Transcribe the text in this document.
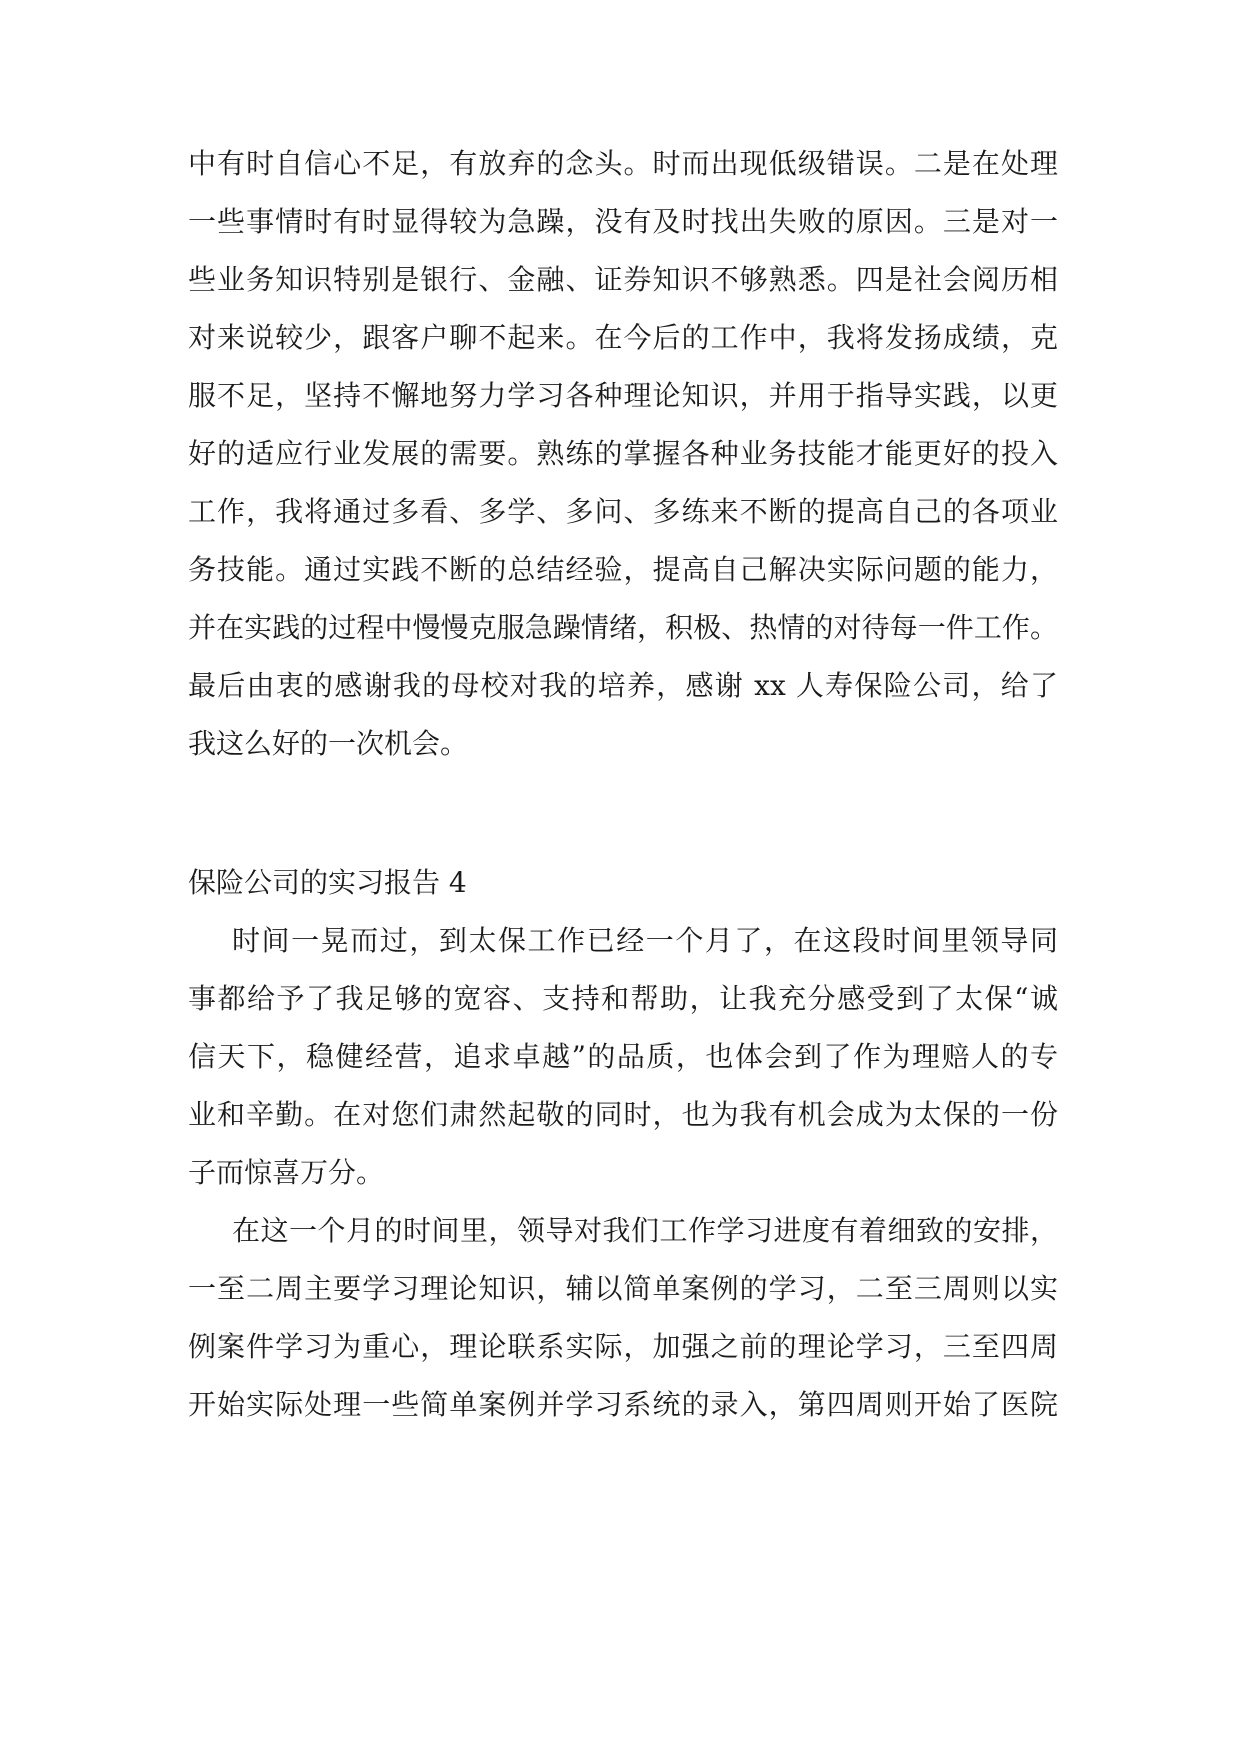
中有时自信心不足，有放弃的念头。时而出现低级错误。二是在处理
一些事情时有时显得较为急躁，没有及时找出失败的原因。三是对一
些业务知识特别是银行、金融、证券知识不够熟悉。四是社会阅历相
对来说较少，跟客户聊不起来。在今后的工作中，我将发扬成绩，克
服不足，坚持不懈地努力学习各种理论知识，并用于指导实践，以更
好的适应行业发展的需要。熟练的掌握各种业务技能才能更好的投入
工作，我将通过多看、多学、多问、多练来不断的提高自己的各项业
务技能。通过实践不断的总结经验，提高自己解决实际问题的能力，
并在实践的过程中慢慢克服急躁情绪，积极、热情的对待每一件工作。
最后由衷的感谢我的母校对我的培养，感谢 xx 人寿保险公司，给了
我这么好的一次机会。
保险公司的实习报告 4
时间一晃而过，到太保工作已经一个月了，在这段时间里领导同
事都给予了我足够的宽容、支持和帮助，让我充分感受到了太保“诚
信天下，稳健经营，追求卓越”的品质，也体会到了作为理赔人的专
业和辛勤。在对您们肃然起敬的同时，也为我有机会成为太保的一份
子而惊喜万分。
在这一个月的时间里，领导对我们工作学习进度有着细致的安排，
一至二周主要学习理论知识，辅以简单案例的学习，二至三周则以实
例案件学习为重心，理论联系实际，加强之前的理论学习，三至四周
开始实际处理一些简单案例并学习系统的录入，第四周则开始了医院
